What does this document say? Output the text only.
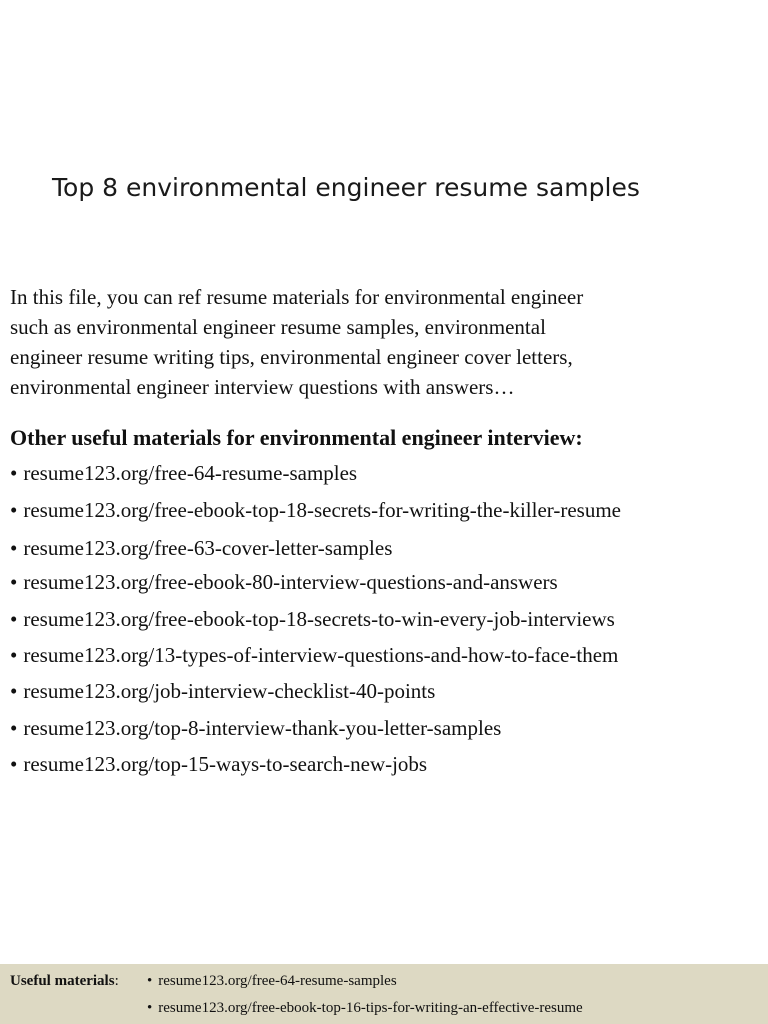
Top 8 environmental engineer resume samples

In this file, you can ref resume materials for environmental engineer
such as environmental engineer resume samples, environmental
engineer resume writing tips, environmental engineer cover letters,
environmental engineer interview questions with answers…

Other useful materials for environmental engineer interview:
• resume123.org/free-64-resume-samples
• resume123.org/free-ebook-top-18-secrets-for-writing-the-killer-resume
• resume123.org/free-63-cover-letter-samples
• resume123.org/free-ebook-80-interview-questions-and-answers
• resume123.org/free-ebook-top-18-secrets-to-win-every-job-interviews
• resume123.org/13-types-of-interview-questions-and-how-to-face-them
• resume123.org/job-interview-checklist-40-points
• resume123.org/top-8-interview-thank-you-letter-samples
• resume123.org/top-15-ways-to-search-new-jobs
Useful materials: • resume123.org/free-64-resume-samples
• resume123.org/free-ebook-top-16-tips-for-writing-an-effective-resume
